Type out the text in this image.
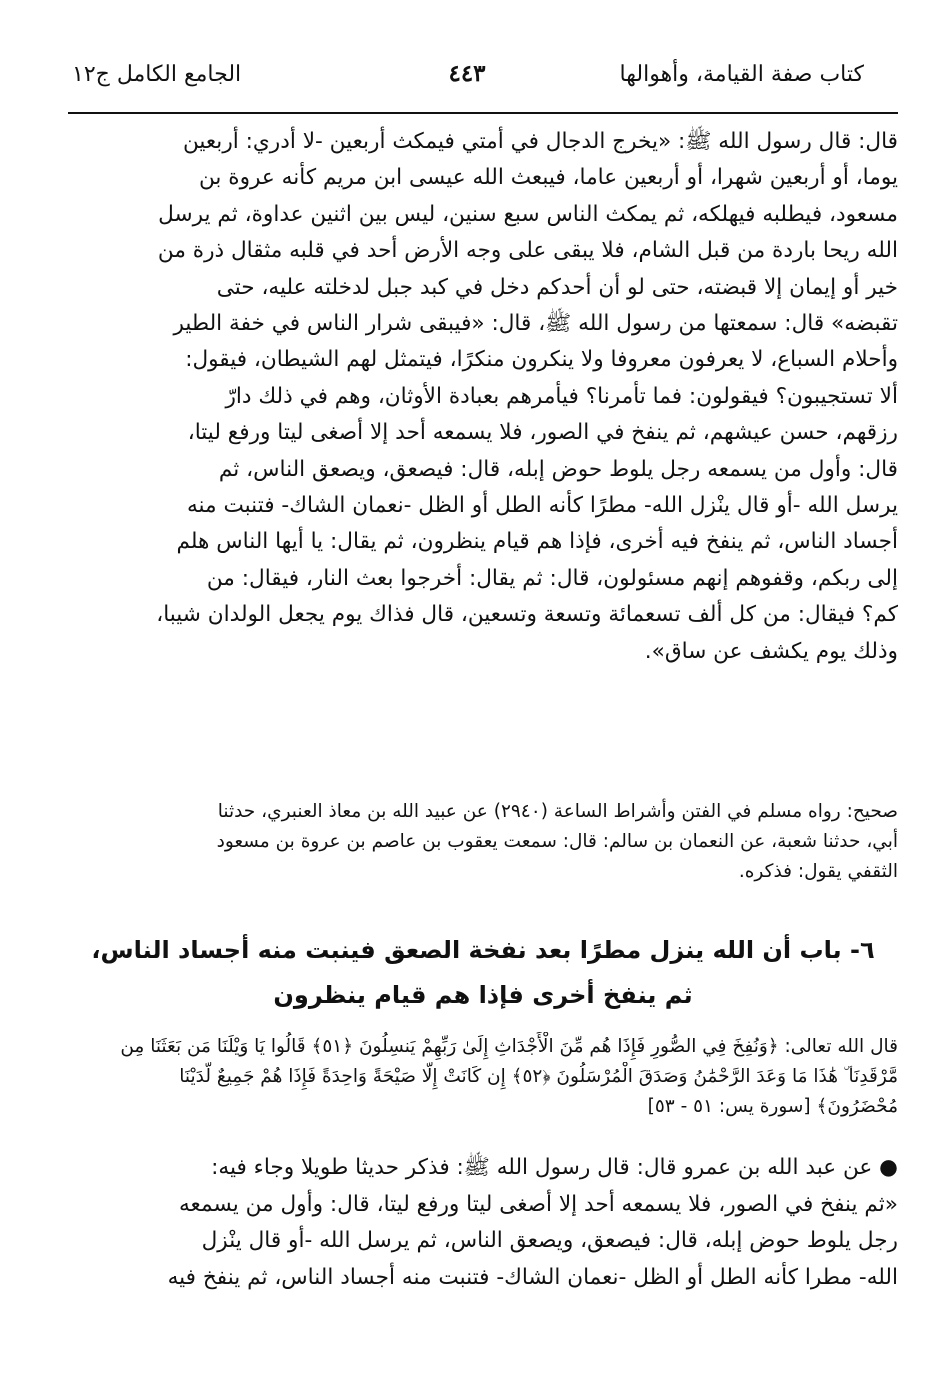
كتاب صفة القيامة، وأهوالها
٤٤٣
الجامع الكامل ج١٢
قال: قال رسول الله ﷺ: «يخرج الدجال في أمتي فيمكث أربعين -لا أدري: أربعين
يوما، أو أربعين شهرا، أو أربعين عاما، فيبعث الله عيسى ابن مريم كأنه عروة بن
مسعود، فيطلبه فيهلكه، ثم يمكث الناس سبع سنين، ليس بين اثنين عداوة، ثم يرسل
الله ريحا باردة من قبل الشام، فلا يبقى على وجه الأرض أحد في قلبه مثقال ذرة من
خير أو إيمان إلا قبضته، حتى لو أن أحدكم دخل في كبد جبل لدخلته عليه، حتى
تقبضه» قال: سمعتها من رسول الله ﷺ، قال: «فيبقى شرار الناس في خفة الطير
وأحلام السباع، لا يعرفون معروفا ولا ينكرون منكرًا، فيتمثل لهم الشيطان، فيقول:
ألا تستجيبون؟ فيقولون: فما تأمرنا؟ فيأمرهم بعبادة الأوثان، وهم في ذلك دارّ
رزقهم، حسن عيشهم، ثم ينفخ في الصور، فلا يسمعه أحد إلا أصغى ليتا ورفع ليتا،
قال: وأول من يسمعه رجل يلوط حوض إبله، قال: فيصعق، ويصعق الناس، ثم
يرسل الله -أو قال ينْزل الله- مطرًا كأنه الطل أو الظل -نعمان الشاك- فتنبت منه
أجساد الناس، ثم ينفخ فيه أخرى، فإذا هم قيام ينظرون، ثم يقال: يا أيها الناس هلم
إلى ربكم، وقفوهم إنهم مسئولون، قال: ثم يقال: أخرجوا بعث النار، فيقال: من
كم؟ فيقال: من كل ألف تسعمائة وتسعة وتسعين، قال فذاك يوم يجعل الولدان شيبا،
وذلك يوم يكشف عن ساق».
صحيح: رواه مسلم في الفتن وأشراط الساعة (٢٩٤٠) عن عبيد الله بن معاذ العنبري، حدثنا
أبي، حدثنا شعبة، عن النعمان بن سالم: قال: سمعت يعقوب بن عاصم بن عروة بن مسعود
الثقفي يقول: فذكره.
٦- باب أن الله ينزل مطرًا بعد نفخة الصعق فينبت منه أجساد الناس،
ثم ينفخ أخرى فإذا هم قيام ينظرون
قال الله تعالى: ﴿وَنُفِخَ فِي الصُّورِ فَإِذَا هُم مِّنَ الْأَجْدَاثِ إِلَىٰ رَبِّهِمْ يَنسِلُونَ ﴿٥١﴾ قَالُوا يَا وَيْلَنَا مَن بَعَثَنَا مِن
مَّرْقَدِنَا ۜ هَٰذَا مَا وَعَدَ الرَّحْمَٰنُ وَصَدَقَ الْمُرْسَلُونَ ﴿٥٢﴾ إِن كَانَتْ إِلَّا صَيْحَةً وَاحِدَةً فَإِذَا هُمْ جَمِيعٌ لَّدَيْنَا
مُحْضَرُونَ﴾ [سورة يس: ٥١ - ٥٣]
● عن عبد الله بن عمرو قال: قال رسول الله ﷺ: فذكر حديثا طويلا وجاء فيه:
«ثم ينفخ في الصور، فلا يسمعه أحد إلا أصغى ليتا ورفع ليتا، قال: وأول من يسمعه
رجل يلوط حوض إبله، قال: فيصعق، ويصعق الناس، ثم يرسل الله -أو قال ينْزل
الله- مطرا كأنه الطل أو الظل -نعمان الشاك- فتنبت منه أجساد الناس، ثم ينفخ فيه
